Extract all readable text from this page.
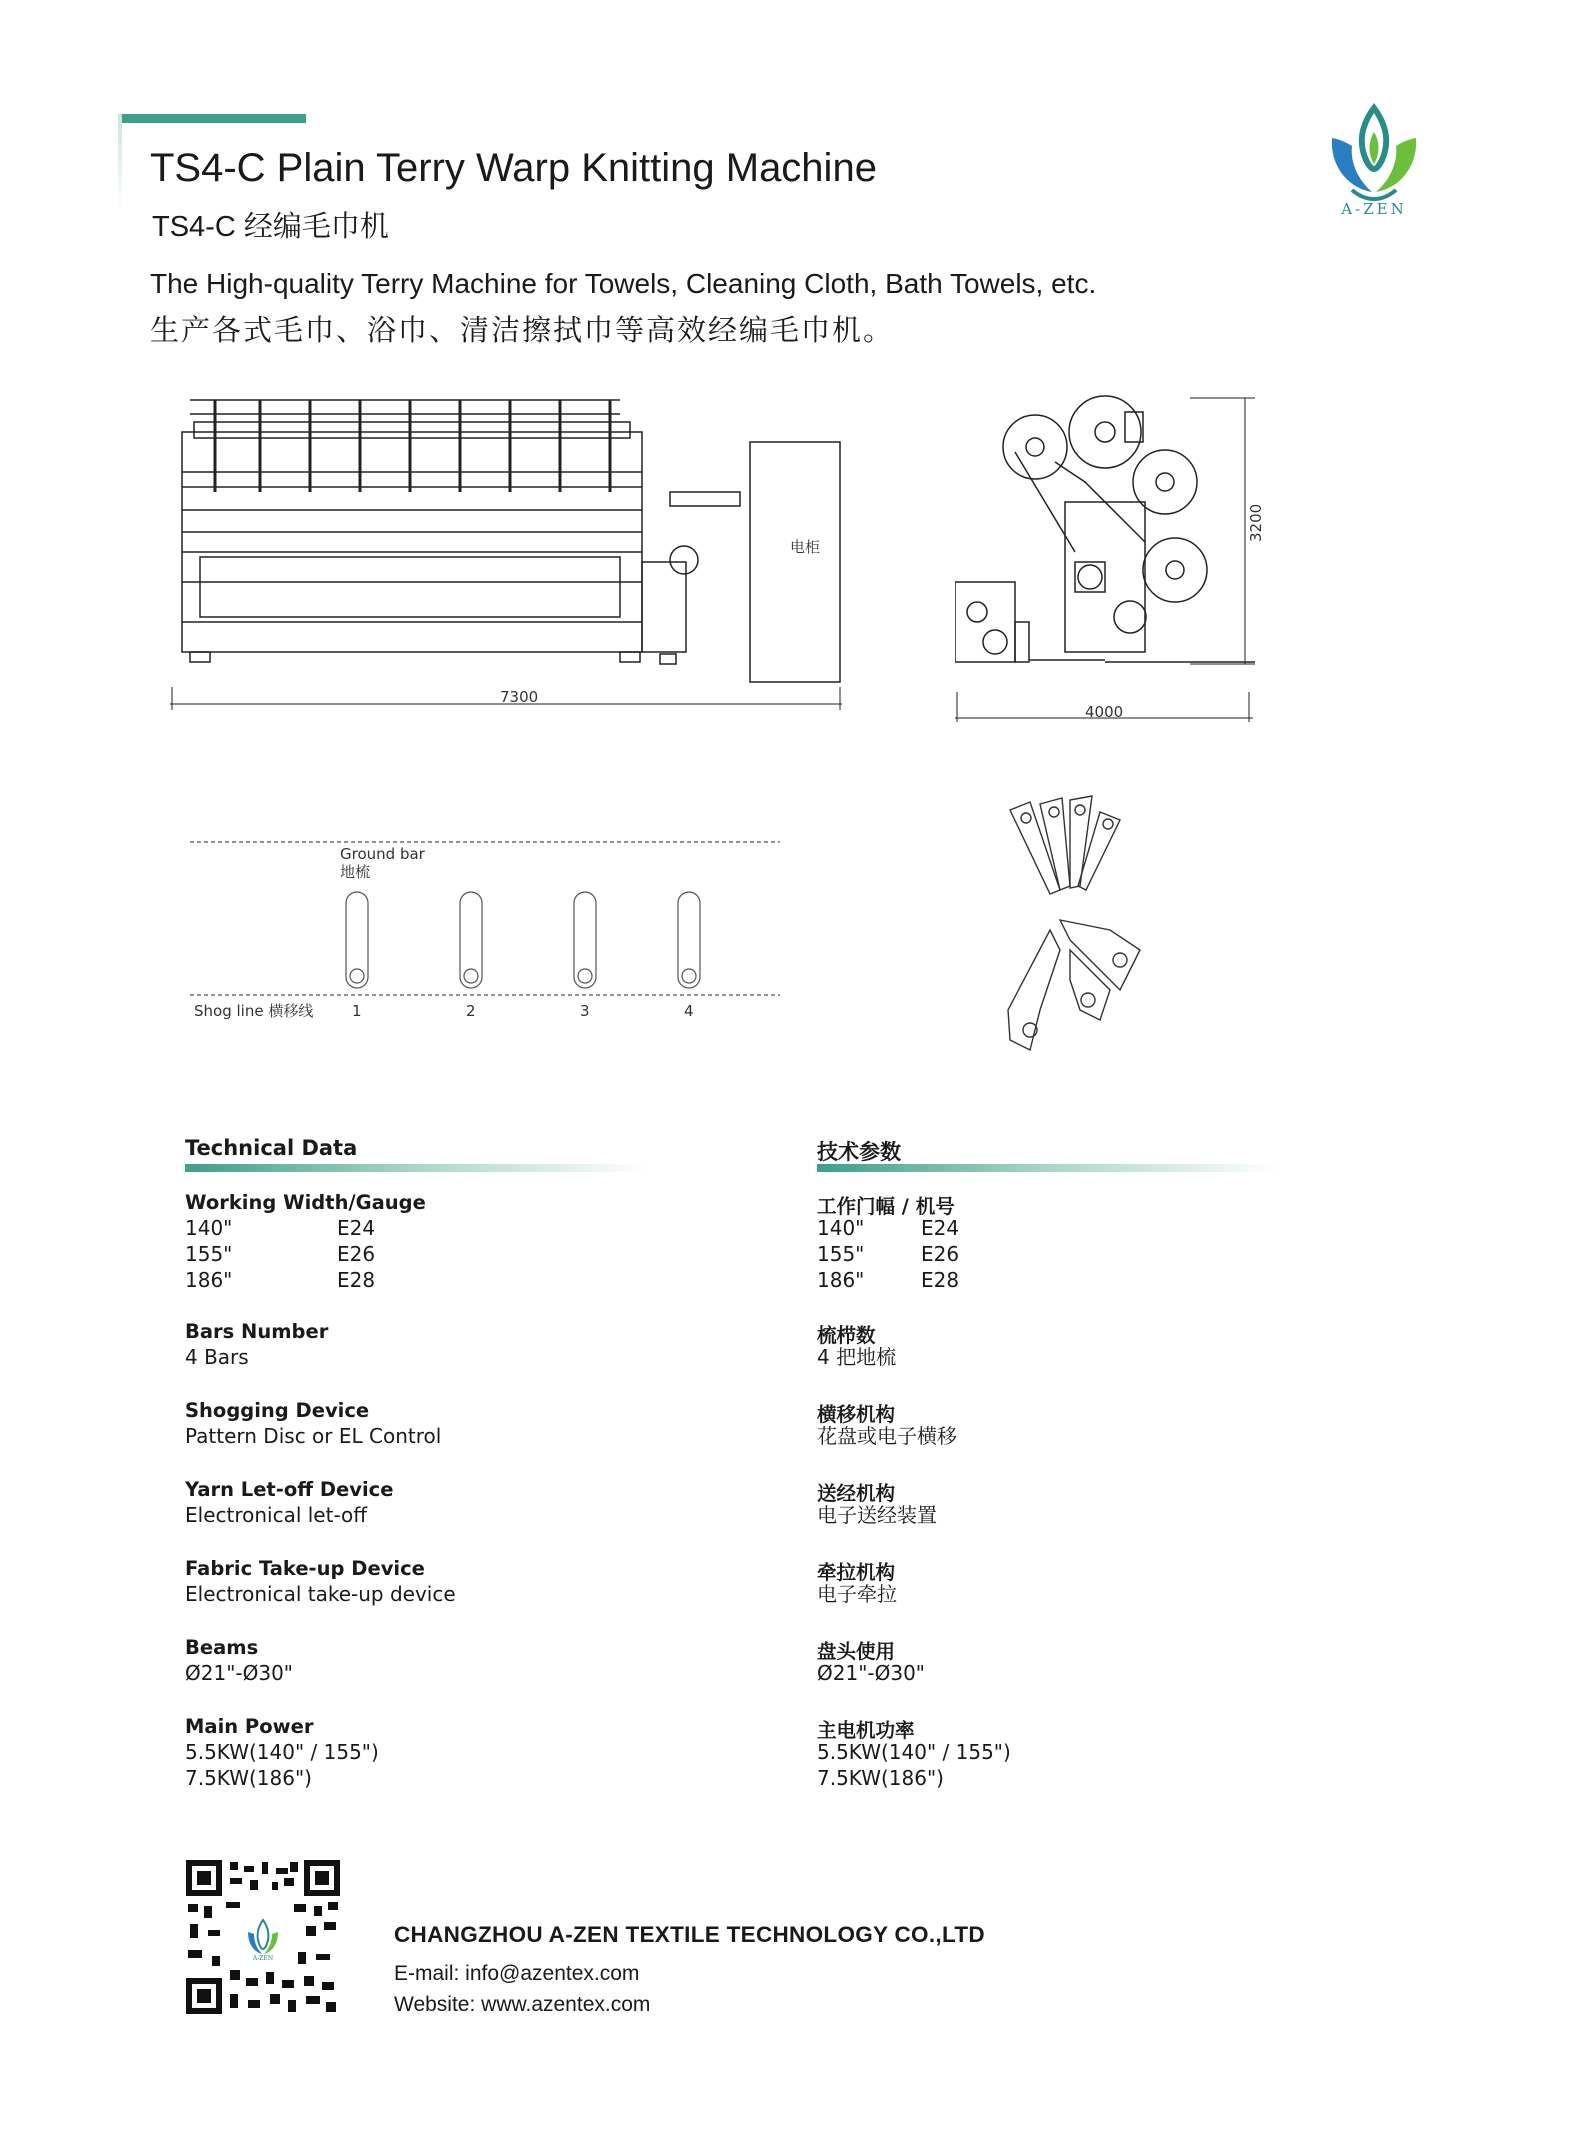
TS4-C Plain Terry Warp Knitting Machine
TS4-C 经编毛巾机
The High-quality Terry Machine for Towels, Cleaning Cloth, Bath Towels, etc.
生产各式毛巾、浴巾、清洁擦拭巾等高效经编毛巾机。
A-ZEN
电柜
7300
4000
3200
Ground bar
地梳
Shog line 横移线	1	2	3	4
Technical Data
Working Width/Gauge
140"	E24
155"	E26
186"	E28
Bars Number
4 Bars
Shogging Device
Pattern Disc or EL Control
Yarn Let-off Device
Electronical let-off
Fabric Take-up Device
Electronical take-up device
Beams
Ø21"-Ø30"
Main Power
5.5KW(140" / 155")
7.5KW(186")
技术参数
工作门幅 / 机号
140"	E24
155"	E26
186"	E28
梳栉数
4 把地梳
横移机构
花盘或电子横移
送经机构
电子送经装置
牵拉机构
电子牵拉
盘头使用
Ø21"-Ø30"
主电机功率
5.5KW(140" / 155")
7.5KW(186")
A-ZEN
CHANGZHOU A-ZEN TEXTILE TECHNOLOGY CO.,LTD
E-mail: info@azentex.com
Website: www.azentex.com
